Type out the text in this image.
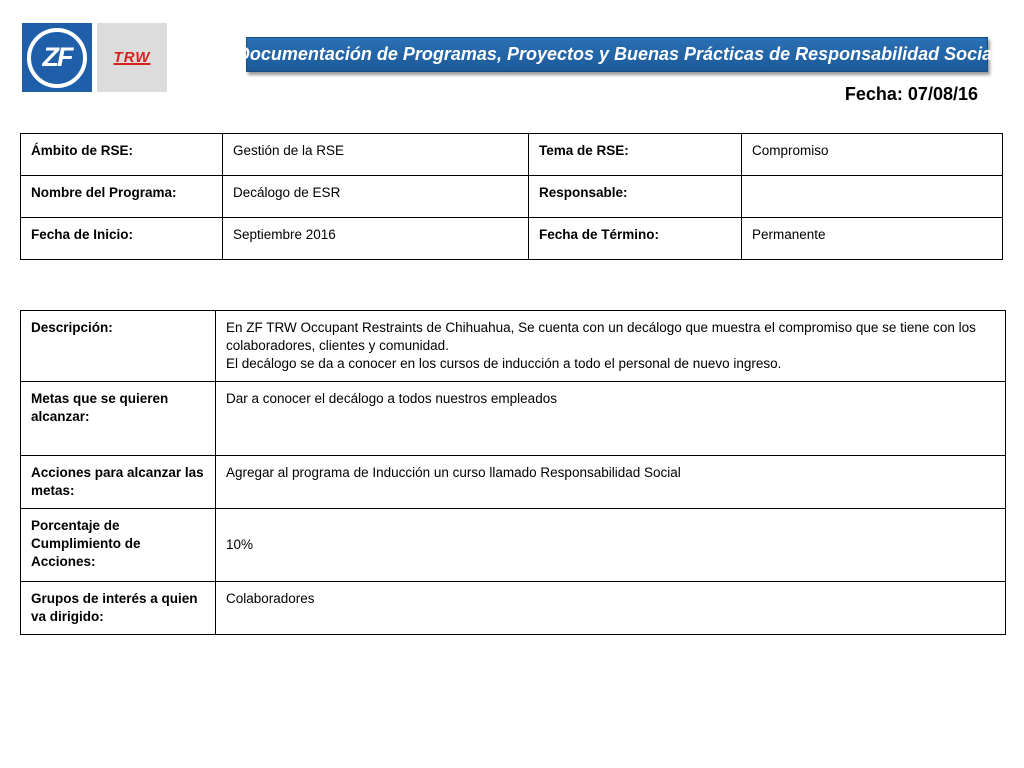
ZF	TRW	Documentación de Programas, Proyectos y Buenas Prácticas de Responsabilidad Social
Fecha: 07/08/16
Ámbito de RSE:	Gestión de la RSE	Tema de RSE:	Compromiso
Nombre del Programa:	Decálogo de ESR	Responsable:	
Fecha de Inicio:	Septiembre 2016	Fecha de Término:	Permanente
Descripción:	En ZF TRW Occupant Restraints de Chihuahua, Se cuenta con un decálogo que muestra el compromiso que se tiene con los colaboradores, clientes y comunidad.
El decálogo se da a conocer en los cursos de inducción a todo el personal de nuevo ingreso.

Metas que se quieren alcanzar:	Dar a conocer el decálogo a todos nuestros empleados
Acciones para alcanzar las metas:	Agregar al programa de Inducción un curso llamado Responsabilidad Social
Porcentaje de Cumplimiento de Acciones:	10%
Grupos de interés a quien va dirigido:	Colaboradores
